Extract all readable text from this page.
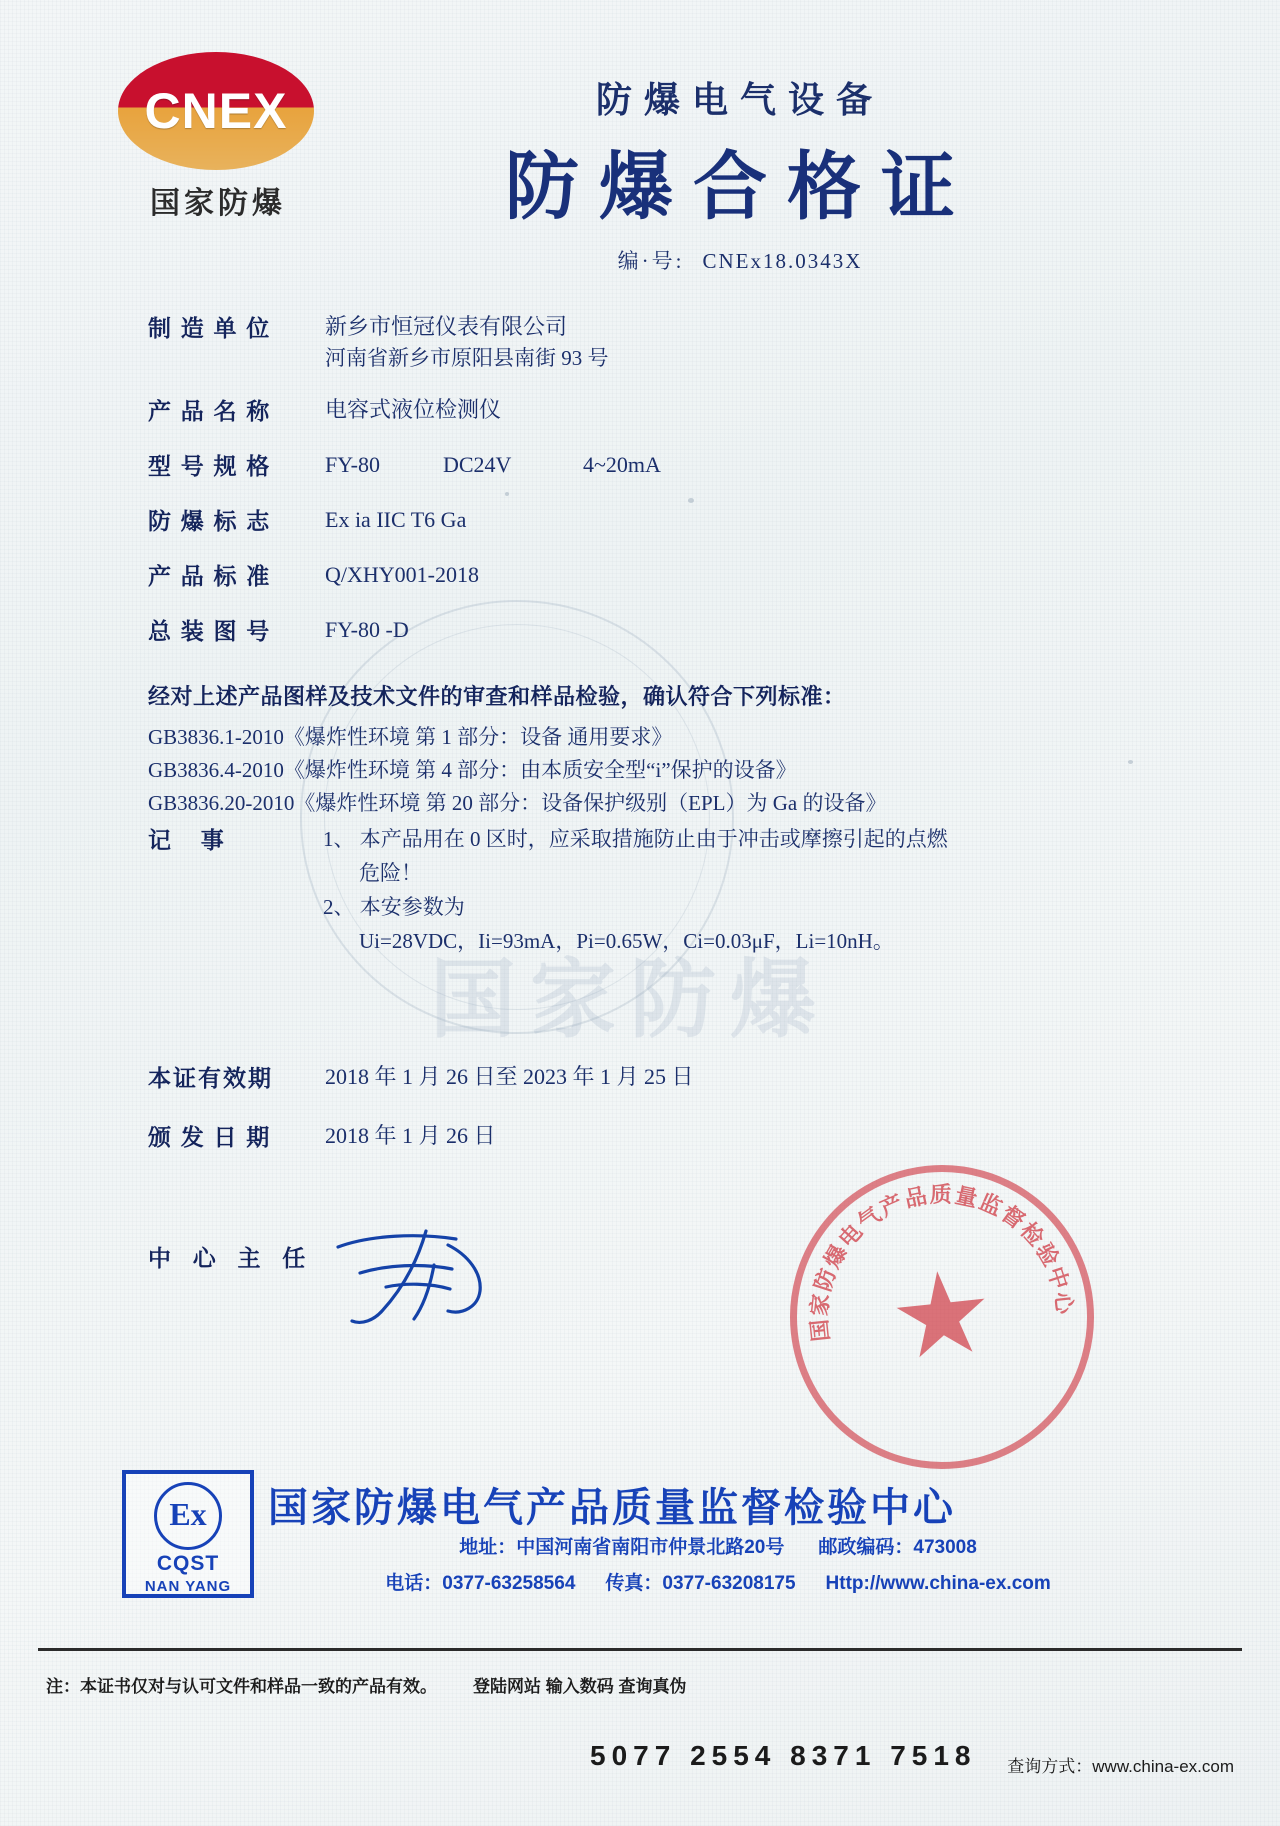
国家防爆
CNEX
国家防爆
防爆电气设备
防爆合格证
编·号: CNEx18.0343X
制 造 单 位	新乡市恒冠仪表有限公司
河南省新乡市原阳县南街 93 号
产 品 名 称	电容式液位检测仪
型 号 规 格	FY-80	DC24V	4~20mA
防 爆 标 志	Ex ia IIC T6 Ga
产 品 标 准	Q/XHY001-2018
总 装 图 号	FY-80 -D
经对上述产品图样及技术文件的审查和样品检验，确认符合下列标准：
GB3836.1-2010《爆炸性环境 第 1 部分：设备 通用要求》
GB3836.4-2010《爆炸性环境 第 4 部分：由本质安全型“i”保护的设备》
GB3836.20-2010《爆炸性环境 第 20 部分：设备保护级别（EPL）为 Ga 的设备》
记 事	1、 本产品用在 0 区时，应采取措施防止由于冲击或摩擦引起的点燃
危险！
2、 本安参数为
Ui=28VDC，Ii=93mA，Pi=0.65W，Ci=0.03μF，Li=10nH。
本证有效期	2018 年 1 月 26 日至 2023 年 1 月 25 日
颁 发 日 期	2018 年 1 月 26 日
中 心 主 任
国家防爆电气产品质量监督检验中心
Ex
CQST
NAN YANG
国家防爆电气产品质量监督检验中心
地址：中国河南省南阳市仲景北路20号 邮政编码：473008
电话：0377-63258564 传真：0377-63208175 Http://www.china-ex.com
注：本证书仅对与认可文件和样品一致的产品有效。 登陆网站 输入数码 查询真伪
5077 2554 8371 7518 查询方式：www.china-ex.com
